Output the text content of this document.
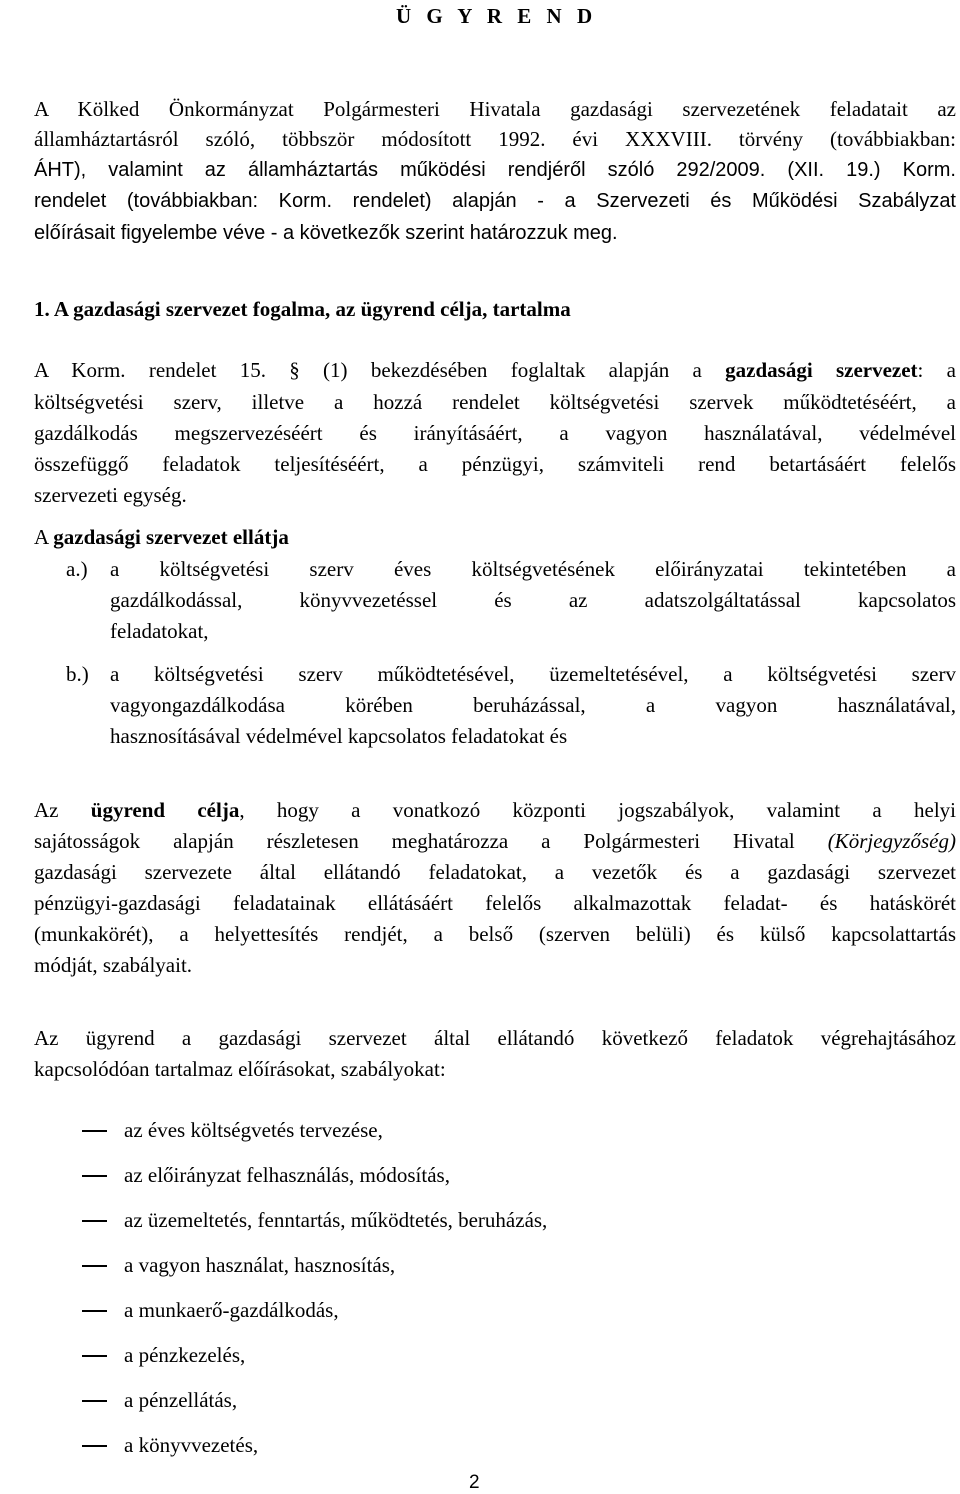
Ü G Y R E N D
A Kölked Önkormányzat Polgármesteri Hivatala gazdasági szervezetének feladatait az
államháztartásról szóló, többször módosított 1992. évi XXXVIII. törvény (továbbiakban:
ÁHT), valamint az államháztartás működési rendjéről szóló 292/2009. (XII. 19.) Korm.
rendelet (továbbiakban: Korm. rendelet) alapján - a Szervezeti és Működési Szabályzat
előírásait figyelembe véve - a következők szerint határozzuk meg.
1. A gazdasági szervezet fogalma, az ügyrend célja, tartalma
A Korm. rendelet 15. § (1) bekezdésében foglaltak alapján a gazdasági szervezet: a
költségvetési szerv, illetve a hozzá rendelet költségvetési szervek működtetéséért, a
gazdálkodás megszervezéséért és irányításáért, a vagyon használatával, védelmével
összefüggő feladatok teljesítéséért, a pénzügyi, számviteli rend betartásáért felelős
szervezeti egység.
A gazdasági szervezet ellátja
a.) a költségvetési szerv éves költségvetésének előirányzatai tekintetében a
gazdálkodással, könyvvezetéssel és az adatszolgáltatással kapcsolatos
feladatokat,
b.) a költségvetési szerv működtetésével, üzemeltetésével, a költségvetési szerv
vagyongazdálkodása körében beruházással, a vagyon használatával,
hasznosításával védelmével kapcsolatos feladatokat és
Az ügyrend célja, hogy a vonatkozó központi jogszabályok, valamint a helyi
sajátosságok alapján részletesen meghatározza a Polgármesteri Hivatal (Körjegyzőség)
gazdasági szervezete által ellátandó feladatokat, a vezetők és a gazdasági szervezet
pénzügyi-gazdasági feladatainak ellátásáért felelős alkalmazottak feladat- és hatáskörét
(munkakörét), a helyettesítés rendjét, a belső (szerven belüli) és külső kapcsolattartás
módját, szabályait.
Az ügyrend a gazdasági szervezet által ellátandó következő feladatok végrehajtásához
kapcsolódóan tartalmaz előírásokat, szabályokat:
az éves költségvetés tervezése,
az előirányzat felhasználás, módosítás,
az üzemeltetés, fenntartás, működtetés, beruházás,
a vagyon használat, hasznosítás,
a munkaerő-gazdálkodás,
a pénzkezelés,
a pénzellátás,
a könyvvezetés,
2
